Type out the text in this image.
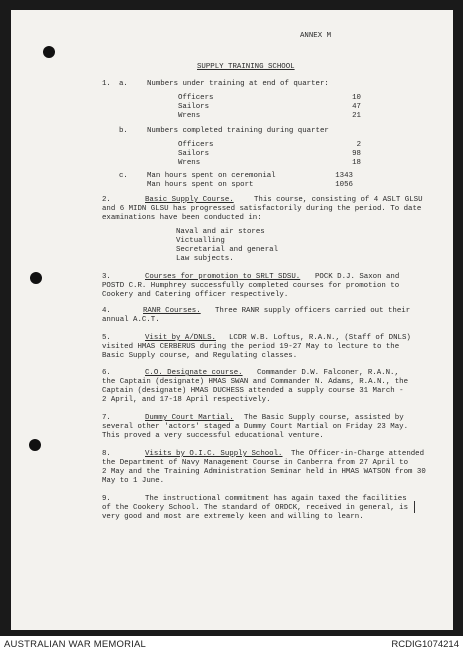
ANNEX M
SUPPLY TRAINING SCHOOL
1. a.	Numbers under training at end of quarter:
Officers	10
Sailors	47
Wrens	21
b.	Numbers completed training during quarter
Officers	2
Sailors	98
Wrens	18
c.	Man hours spent on ceremonial	1343
Man hours spent on sport	1056
2.	Basic Supply Course.	This course, consisting of 4 ASLT GLSU
and 6 MIDN GLSU has progressed satisfactorily during the period. To date
examinations have been conducted in:
Naval and air stores
Victualling
Secretarial and general
Law subjects.
3.	Courses for promotion to SRLT SDSU. POCK D.J. Saxon and
POSTD C.R. Humphrey successfully completed courses for promotion to
Cookery and Catering officer respectively.
4.	RANR Courses. Three RANR supply officers carried out their
annual A.C.T.
5.	Visit by A/DNLS. LCDR W.B. Loftus, R.A.N., (Staff of DNLS)
visited HMAS CERBERUS during the period 19-27 May to lecture to the
Basic Supply course, and Regulating classes.
6.	C.O. Designate course. Commander D.W. Falconer, R.A.N.,
the Captain (designate) HMAS SWAN and Commander N. Adams, R.A.N., the
Captain (designate) HMAS DUCHESS attended a supply course 31 March -
2 April, and 17-18 April respectively.
7.	Dummy Court Martial. The Basic Supply course, assisted by
several other 'actors' staged a Dummy Court Martial on Friday 23 May.
This proved a very successful educational venture.
8.	Visits by O.I.C. Supply School. The Officer-in-Charge attended
the Department of Navy Management Course in Canberra from 27 April to
2 May and the Training Administration Seminar held in HMAS WATSON from 30
May to 1 June.
9.	The instructional commitment has again taxed the facilities
of the Cookery School. The standard of ORDCK, received in general, is
very good and most are extremely keen and willing to learn.
AUSTRALIAN WAR MEMORIAL	RCDIG1074214
